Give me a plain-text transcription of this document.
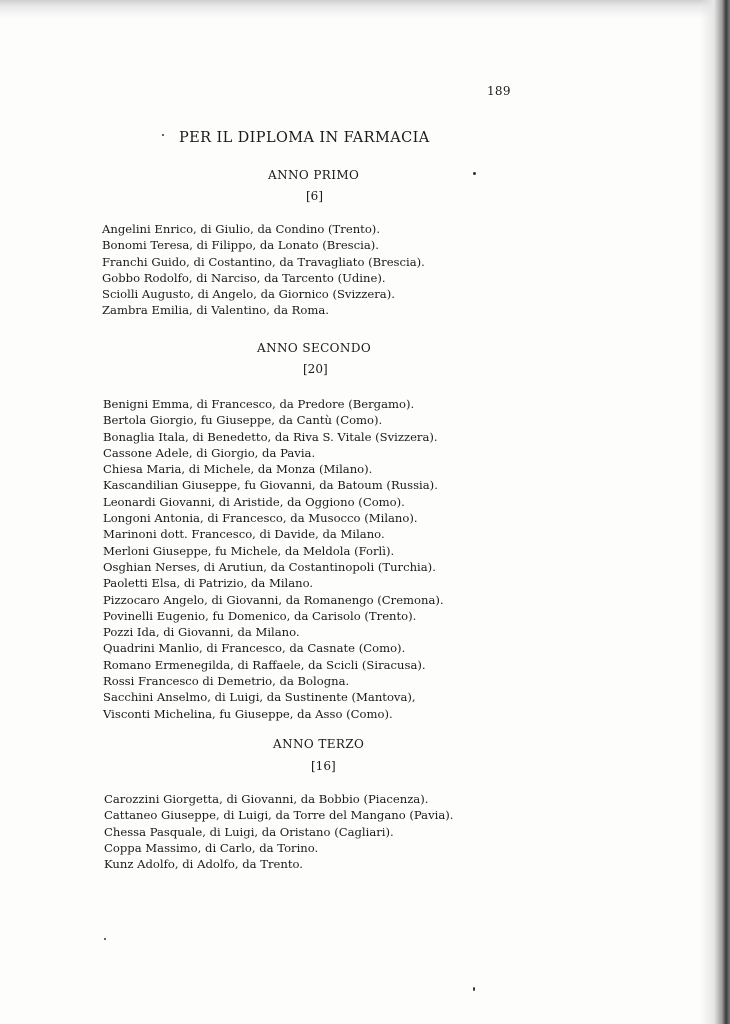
189
PER IL DIPLOMA IN FARMACIA
ANNO PRIMO
[6]
Angelini Enrico, di Giulio, da Condino (Trento).
Bonomi Teresa, di Filippo, da Lonato (Brescia).
Franchi Guido, di Costantino, da Travagliato (Brescia).
Gobbo Rodolfo, di Narciso, da Tarcento (Udine).
Sciolli Augusto, di Angelo, da Giornico (Svizzera).
Zambra Emilia, di Valentino, da Roma.
ANNO SECONDO
[20]
Benigni Emma, di Francesco, da Predore (Bergamo).
Bertola Giorgio, fu Giuseppe, da Cantù (Como).
Bonaglia Itala, di Benedetto, da Riva S. Vitale (Svizzera).
Cassone Adele, di Giorgio, da Pavia.
Chiesa Maria, di Michele, da Monza (Milano).
Kascandilian Giuseppe, fu Giovanni, da Batoum (Russia).
Leonardi Giovanni, di Aristide, da Oggiono (Como).
Longoni Antonia, di Francesco, da Musocco (Milano).
Marinoni dott. Francesco, di Davide, da Milano.
Merloni Giuseppe, fu Michele, da Meldola (Forlì).
Osghian Nerses, di Arutiun, da Costantinopoli (Turchia).
Paoletti Elsa, di Patrizio, da Milano.
Pizzocaro Angelo, di Giovanni, da Romanengo (Cremona).
Povinelli Eugenio, fu Domenico, da Carisolo (Trento).
Pozzi Ida, di Giovanni, da Milano.
Quadrini Manlio, di Francesco, da Casnate (Como).
Romano Ermenegilda, di Raffaele, da Scicli (Siracusa).
Rossi Francesco di Demetrio, da Bologna.
Sacchini Anselmo, di Luigi, da Sustinente (Mantova),
Visconti Michelina, fu Giuseppe, da Asso (Como).
ANNO TERZO
[16]
Carozzini Giorgetta, di Giovanni, da Bobbio (Piacenza).
Cattaneo Giuseppe, di Luigi, da Torre del Mangano (Pavia).
Chessa Pasquale, di Luigi, da Oristano (Cagliari).
Coppa Massimo, di Carlo, da Torino.
Kunz Adolfo, di Adolfo, da Trento.
